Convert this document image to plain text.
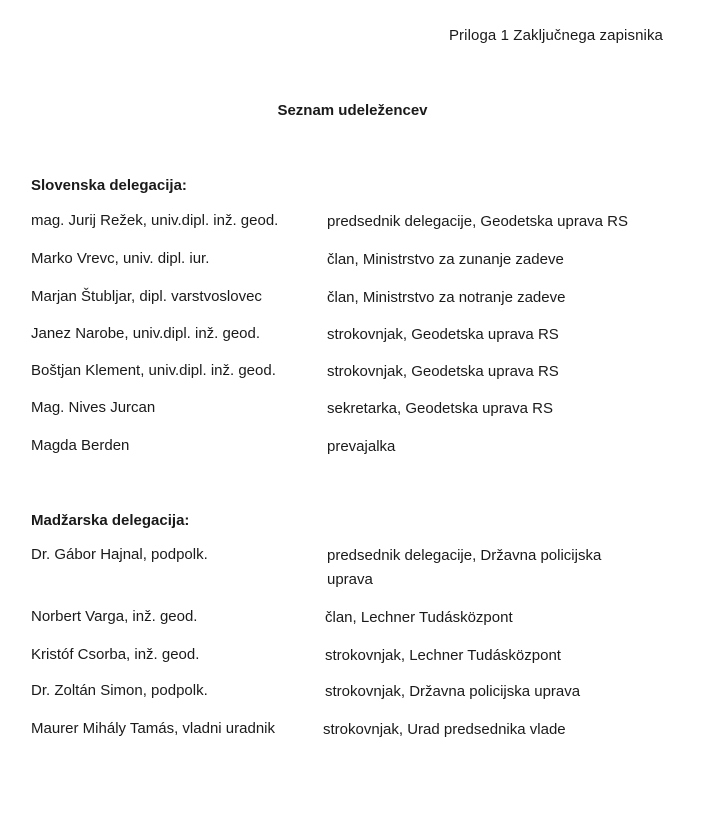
Priloga 1 Zaključnega zapisnika
Seznam udeležencev
Slovenska delegacija:
mag. Jurij Režek, univ.dipl. inž. geod.	predsednik delegacije, Geodetska uprava RS
Marko Vrevc, univ. dipl. iur.	član, Ministrstvo za zunanje zadeve
Marjan Štubljar, dipl. varstvoslovec	član, Ministrstvo za notranje zadeve
Janez Narobe, univ.dipl. inž. geod.	strokovnjak, Geodetska uprava RS
Boštjan Klement, univ.dipl. inž. geod.	strokovnjak, Geodetska uprava RS
Mag. Nives Jurcan	sekretarka, Geodetska uprava RS
Magda Berden	prevajalka
Madžarska delegacija:
Dr. Gábor Hajnal, podpolk.	predsednik delegacije, Državna policijska uprava
Norbert Varga, inž. geod.	član, Lechner Tudásközpont
Kristóf Csorba, inž. geod.	strokovnjak, Lechner Tudásközpont
Dr. Zoltán Simon, podpolk.	strokovnjak, Državna policijska uprava
Maurer Mihály Tamás, vladni uradnik	strokovnjak, Urad predsednika vlade
